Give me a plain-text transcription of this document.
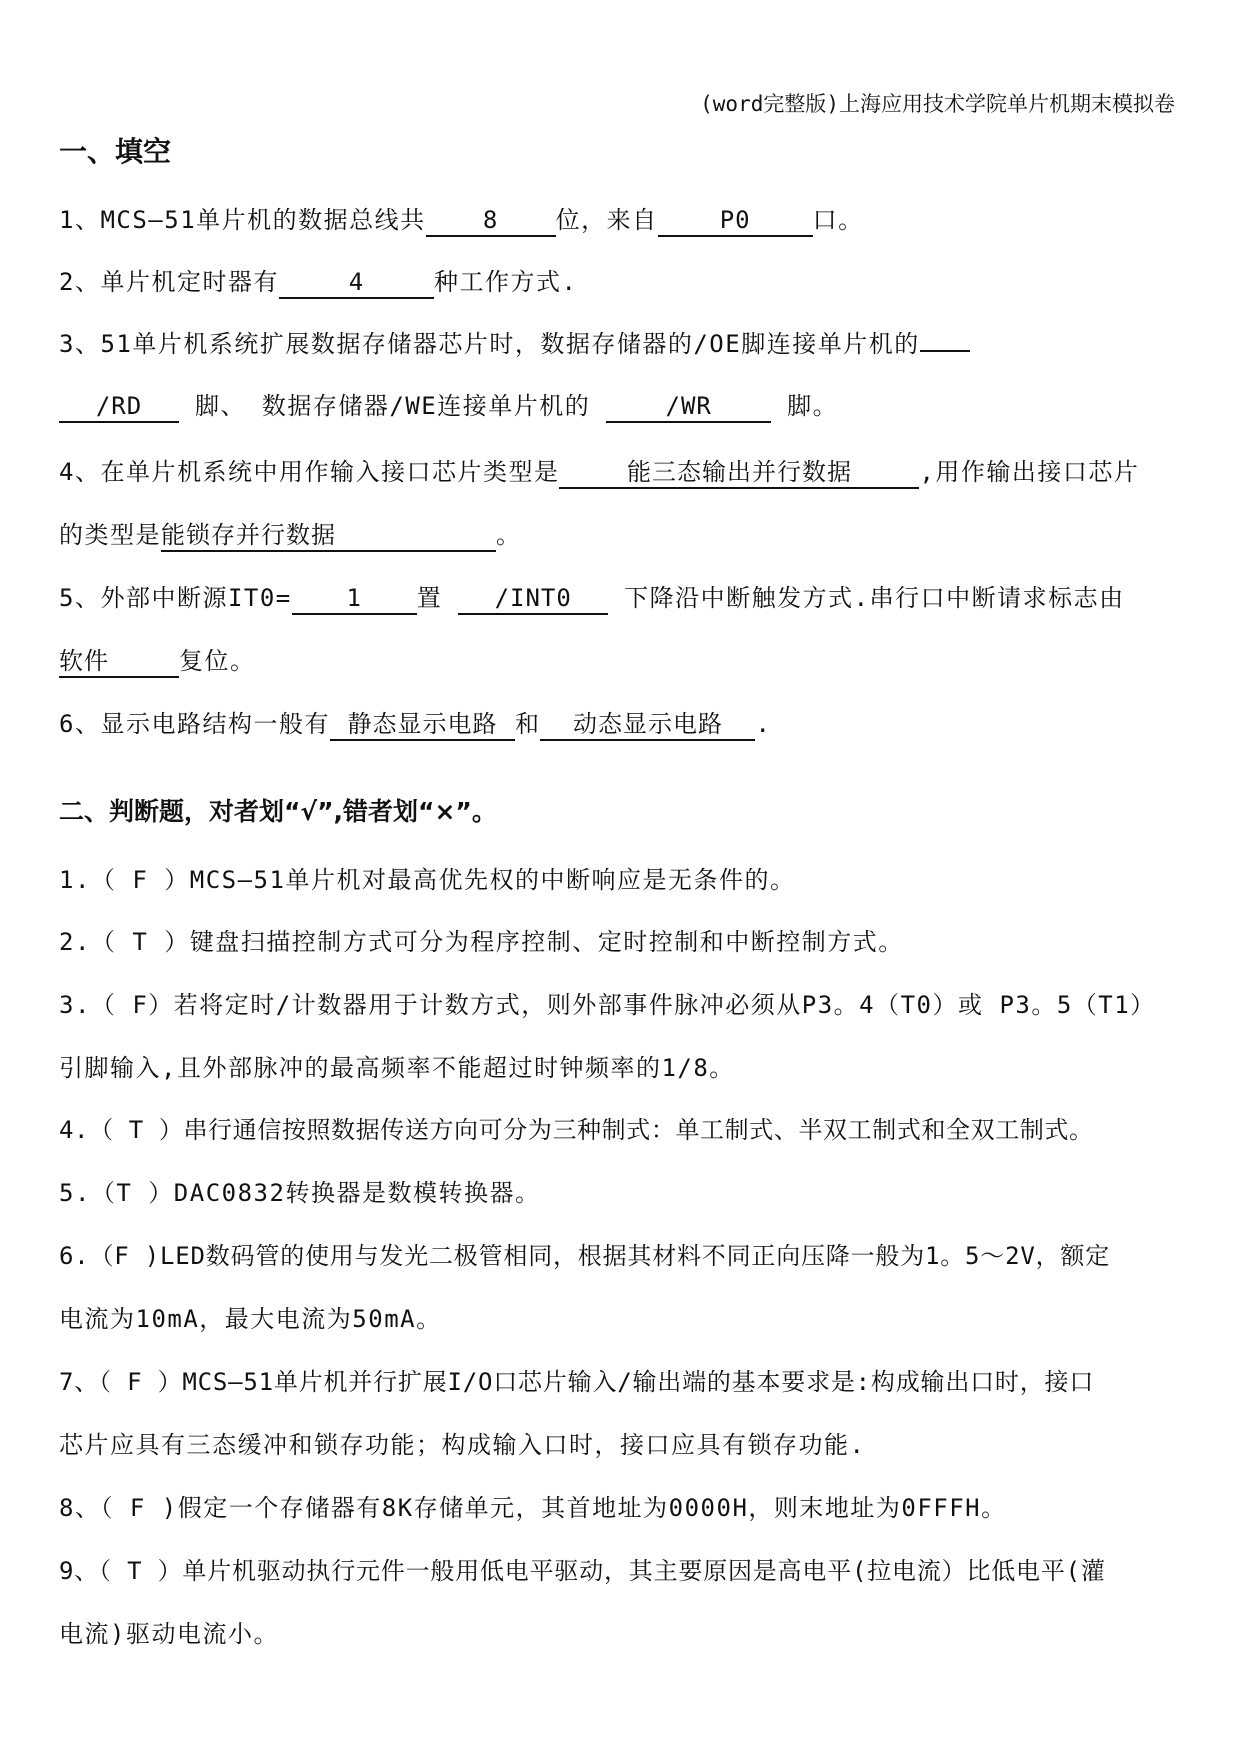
(word完整版)上海应用技术学院单片机期末模拟卷
一、填空
1、MCS—51单片机的数据总线共 8 位，来自	P0	口。
2、单片机定时器有	4	种工作方式.
3、51单片机系统扩展数据存储器芯片时，数据存储器的/OE脚连接单片机的
/RD 脚、 数据存储器/WE连接单片机的	/WR	脚。
4、在单片机系统中用作输入接口芯片类型是	能三态输出并行数据	,用作输出接口芯片
的类型是能锁存并行数据	。
5、外部中断源IT0= 1 置 /INT0 下降沿中断触发方式.串行口中断请求标志由
软件	复位。
6、显示电路结构一般有 静态显示电路 和 动态显示电路 .
二、判断题，对者划“√”,错者划“×”。
1.（ F ）MCS—51单片机对最高优先权的中断响应是无条件的。
2.（ T ）键盘扫描控制方式可分为程序控制、定时控制和中断控制方式。
3.（ F）若将定时/计数器用于计数方式，则外部事件脉冲必须从P3。4（T0）或 P3。5（T1）
引脚输入,且外部脉冲的最高频率不能超过时钟频率的1/8。
4.（ T ）串行通信按照数据传送方向可分为三种制式：单工制式、半双工制式和全双工制式。
5.（T ）DAC0832转换器是数模转换器。
6.（F )LED数码管的使用与发光二极管相同，根据其材料不同正向压降一般为1。5～2V，额定
电流为10mA，最大电流为50mA。
7、（ F ）MCS—51单片机并行扩展I/O口芯片输入/输出端的基本要求是:构成输出口时，接口
芯片应具有三态缓冲和锁存功能；构成输入口时，接口应具有锁存功能.
8、（ F )假定一个存储器有8K存储单元，其首地址为0000H，则末地址为0FFFH。
9、（ T ）单片机驱动执行元件一般用低电平驱动，其主要原因是高电平(拉电流）比低电平(灌
电流)驱动电流小。
